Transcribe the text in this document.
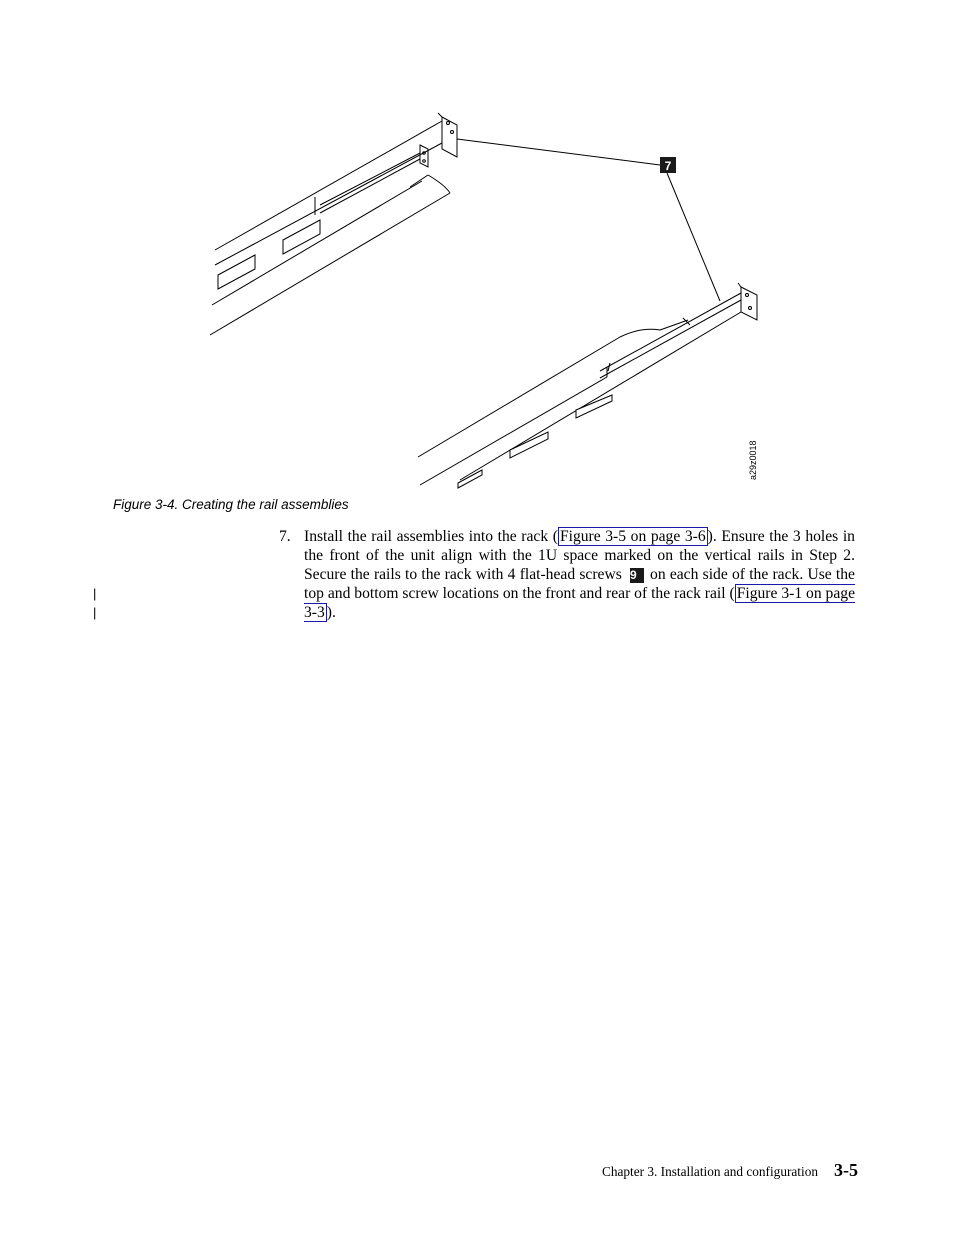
7
a29z0018
Figure 3-4. Creating the rail assemblies
7. Install the rail assemblies into the rack ( Figure 3-5 on page 3-6 ). Ensure the 3 holes in the front of the unit align with the 1U space marked on the vertical rails in Step 2. Secure the rails to the rack with 4 flat-head screws 9 on each side of the rack. Use the top and bottom screw locations on the front and rear of the rack rail ( Figure 3-1 on page 3-3 ).
|
|
Chapter 3. Installation and configuration 3-5
